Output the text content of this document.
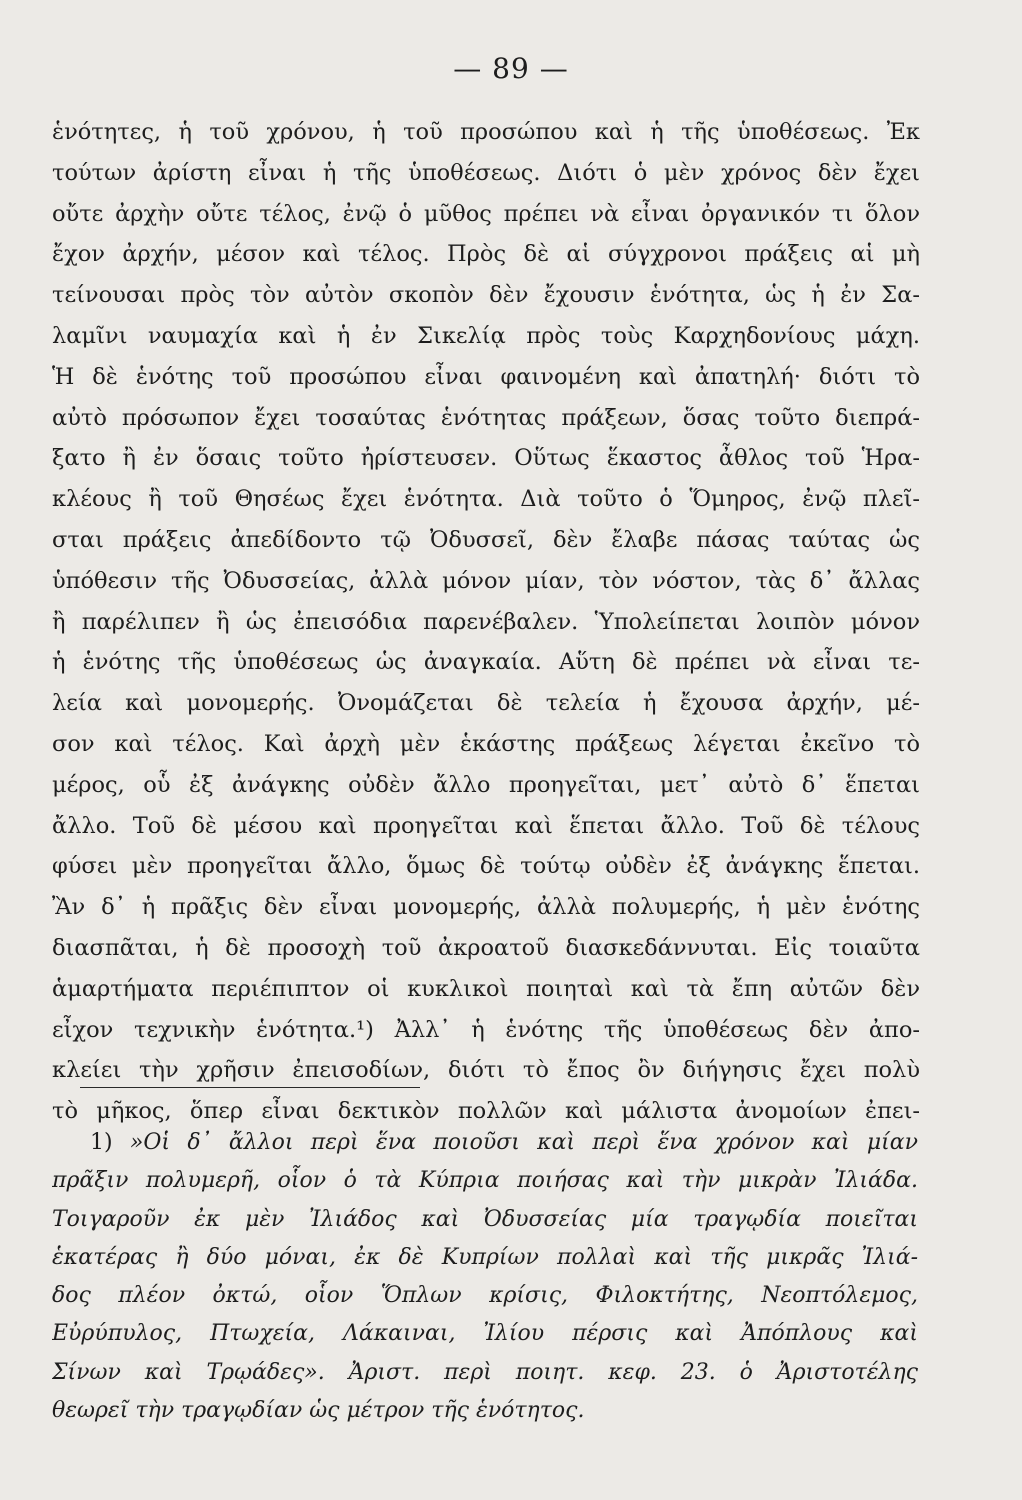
— 89 —
ἑνότητες, ἡ τοῦ χρόνου, ἡ τοῦ προσώπου καὶ ἡ τῆς ὑποθέσεως. Ἐκ
τούτων ἀρίστη εἶναι ἡ τῆς ὑποθέσεως. Διότι ὁ μὲν χρόνος δὲν ἔχει
οὔτε ἀρχὴν οὔτε τέλος, ἐνῷ ὁ μῦθος πρέπει νὰ εἶναι ὀργανικόν τι ὅλον
ἔχον ἀρχήν, μέσον καὶ τέλος. Πρὸς δὲ αἱ σύγχρονοι πράξεις αἱ μὴ
τείνουσαι πρὸς τὸν αὐτὸν σκοπὸν δὲν ἔχουσιν ἑνότητα, ὡς ἡ ἐν Σα-
λαμῖνι ναυμαχία καὶ ἡ ἐν Σικελίᾳ πρὸς τοὺς Καρχηδονίους μάχη.
Ἡ δὲ ἑνότης τοῦ προσώπου εἶναι φαινομένη καὶ ἀπατηλή· διότι τὸ
αὐτὸ πρόσωπον ἔχει τοσαύτας ἑνότητας πράξεων, ὅσας τοῦτο διεπρά-
ξατο ἢ ἐν ὅσαις τοῦτο ἠρίστευσεν. Οὕτως ἕκαστος ἆθλος τοῦ Ἡρα-
κλέους ἢ τοῦ Θησέως ἔχει ἑνότητα. Διὰ τοῦτο ὁ Ὅμηρος, ἐνῷ πλεῖ-
σται πράξεις ἀπεδίδοντο τῷ Ὀδυσσεῖ, δὲν ἔλαβε πάσας ταύτας ὡς
ὑπόθεσιν τῆς Ὀδυσσείας, ἀλλὰ μόνον μίαν, τὸν νόστον, τὰς δ᾽ ἄλλας
ἢ παρέλιπεν ἢ ὡς ἐπεισόδια παρενέβαλεν. Ὑπολείπεται λοιπὸν μόνον
ἡ ἑνότης τῆς ὑποθέσεως ὡς ἀναγκαία. Αὕτη δὲ πρέπει νὰ εἶναι τε-
λεία καὶ μονομερής. Ὀνομάζεται δὲ τελεία ἡ ἔχουσα ἀρχήν, μέ-
σον καὶ τέλος. Καὶ ἀρχὴ μὲν ἑκάστης πράξεως λέγεται ἐκεῖνο τὸ
μέρος, οὗ ἐξ ἀνάγκης οὐδὲν ἄλλο προηγεῖται, μετ᾽ αὐτὸ δ᾽ ἕπεται
ἄλλο. Τοῦ δὲ μέσου καὶ προηγεῖται καὶ ἕπεται ἄλλο. Τοῦ δὲ τέλους
φύσει μὲν προηγεῖται ἄλλο, ὅμως δὲ τούτῳ οὐδὲν ἐξ ἀνάγκης ἕπεται.
Ἂν δ᾽ ἡ πρᾶξις δὲν εἶναι μονομερής, ἀλλὰ πολυμερής, ἡ μὲν ἑνότης
διασπᾶται, ἡ δὲ προσοχὴ τοῦ ἀκροατοῦ διασκεδάννυται. Εἰς τοιαῦτα
ἁμαρτήματα περιέπιπτον οἱ κυκλικοὶ ποιηταὶ καὶ τὰ ἔπη αὐτῶν δὲν
εἶχον τεχνικὴν ἑνότητα.¹) Ἀλλ᾽ ἡ ἑνότης τῆς ὑποθέσεως δὲν ἀπο-
κλείει τὴν χρῆσιν ἐπεισοδίων, διότι τὸ ἔπος ὂν διήγησις ἔχει πολὺ
τὸ μῆκος, ὅπερ εἶναι δεκτικὸν πολλῶν καὶ μάλιστα ἀνομοίων ἐπει-
1) »Οἱ δ᾽ ἄλλοι περὶ ἕνα ποιοῦσι καὶ περὶ ἕνα χρόνον καὶ μίαν
πρᾶξιν πολυμερῆ, οἷον ὁ τὰ Κύπρια ποιήσας καὶ τὴν μικρὰν Ἰλιάδα.
Τοιγαροῦν ἐκ μὲν Ἰλιάδος καὶ Ὀδυσσείας μία τραγῳδία ποιεῖται
ἑκατέρας ἢ δύο μόναι, ἐκ δὲ Κυπρίων πολλαὶ καὶ τῆς μικρᾶς Ἰλιά-
δος πλέον ὀκτώ, οἷον Ὅπλων κρίσις, Φιλοκτήτης, Νεοπτόλεμος,
Εὐρύπυλος, Πτωχεία, Λάκαιναι, Ἰλίου πέρσις καὶ Ἀπόπλους καὶ
Σίνων καὶ Τρῳάδες». Ἀριστ. περὶ ποιητ. κεφ. 23. ὁ Ἀριστοτέλης
θεωρεῖ τὴν τραγῳδίαν ὡς μέτρον τῆς ἑνότητος.
